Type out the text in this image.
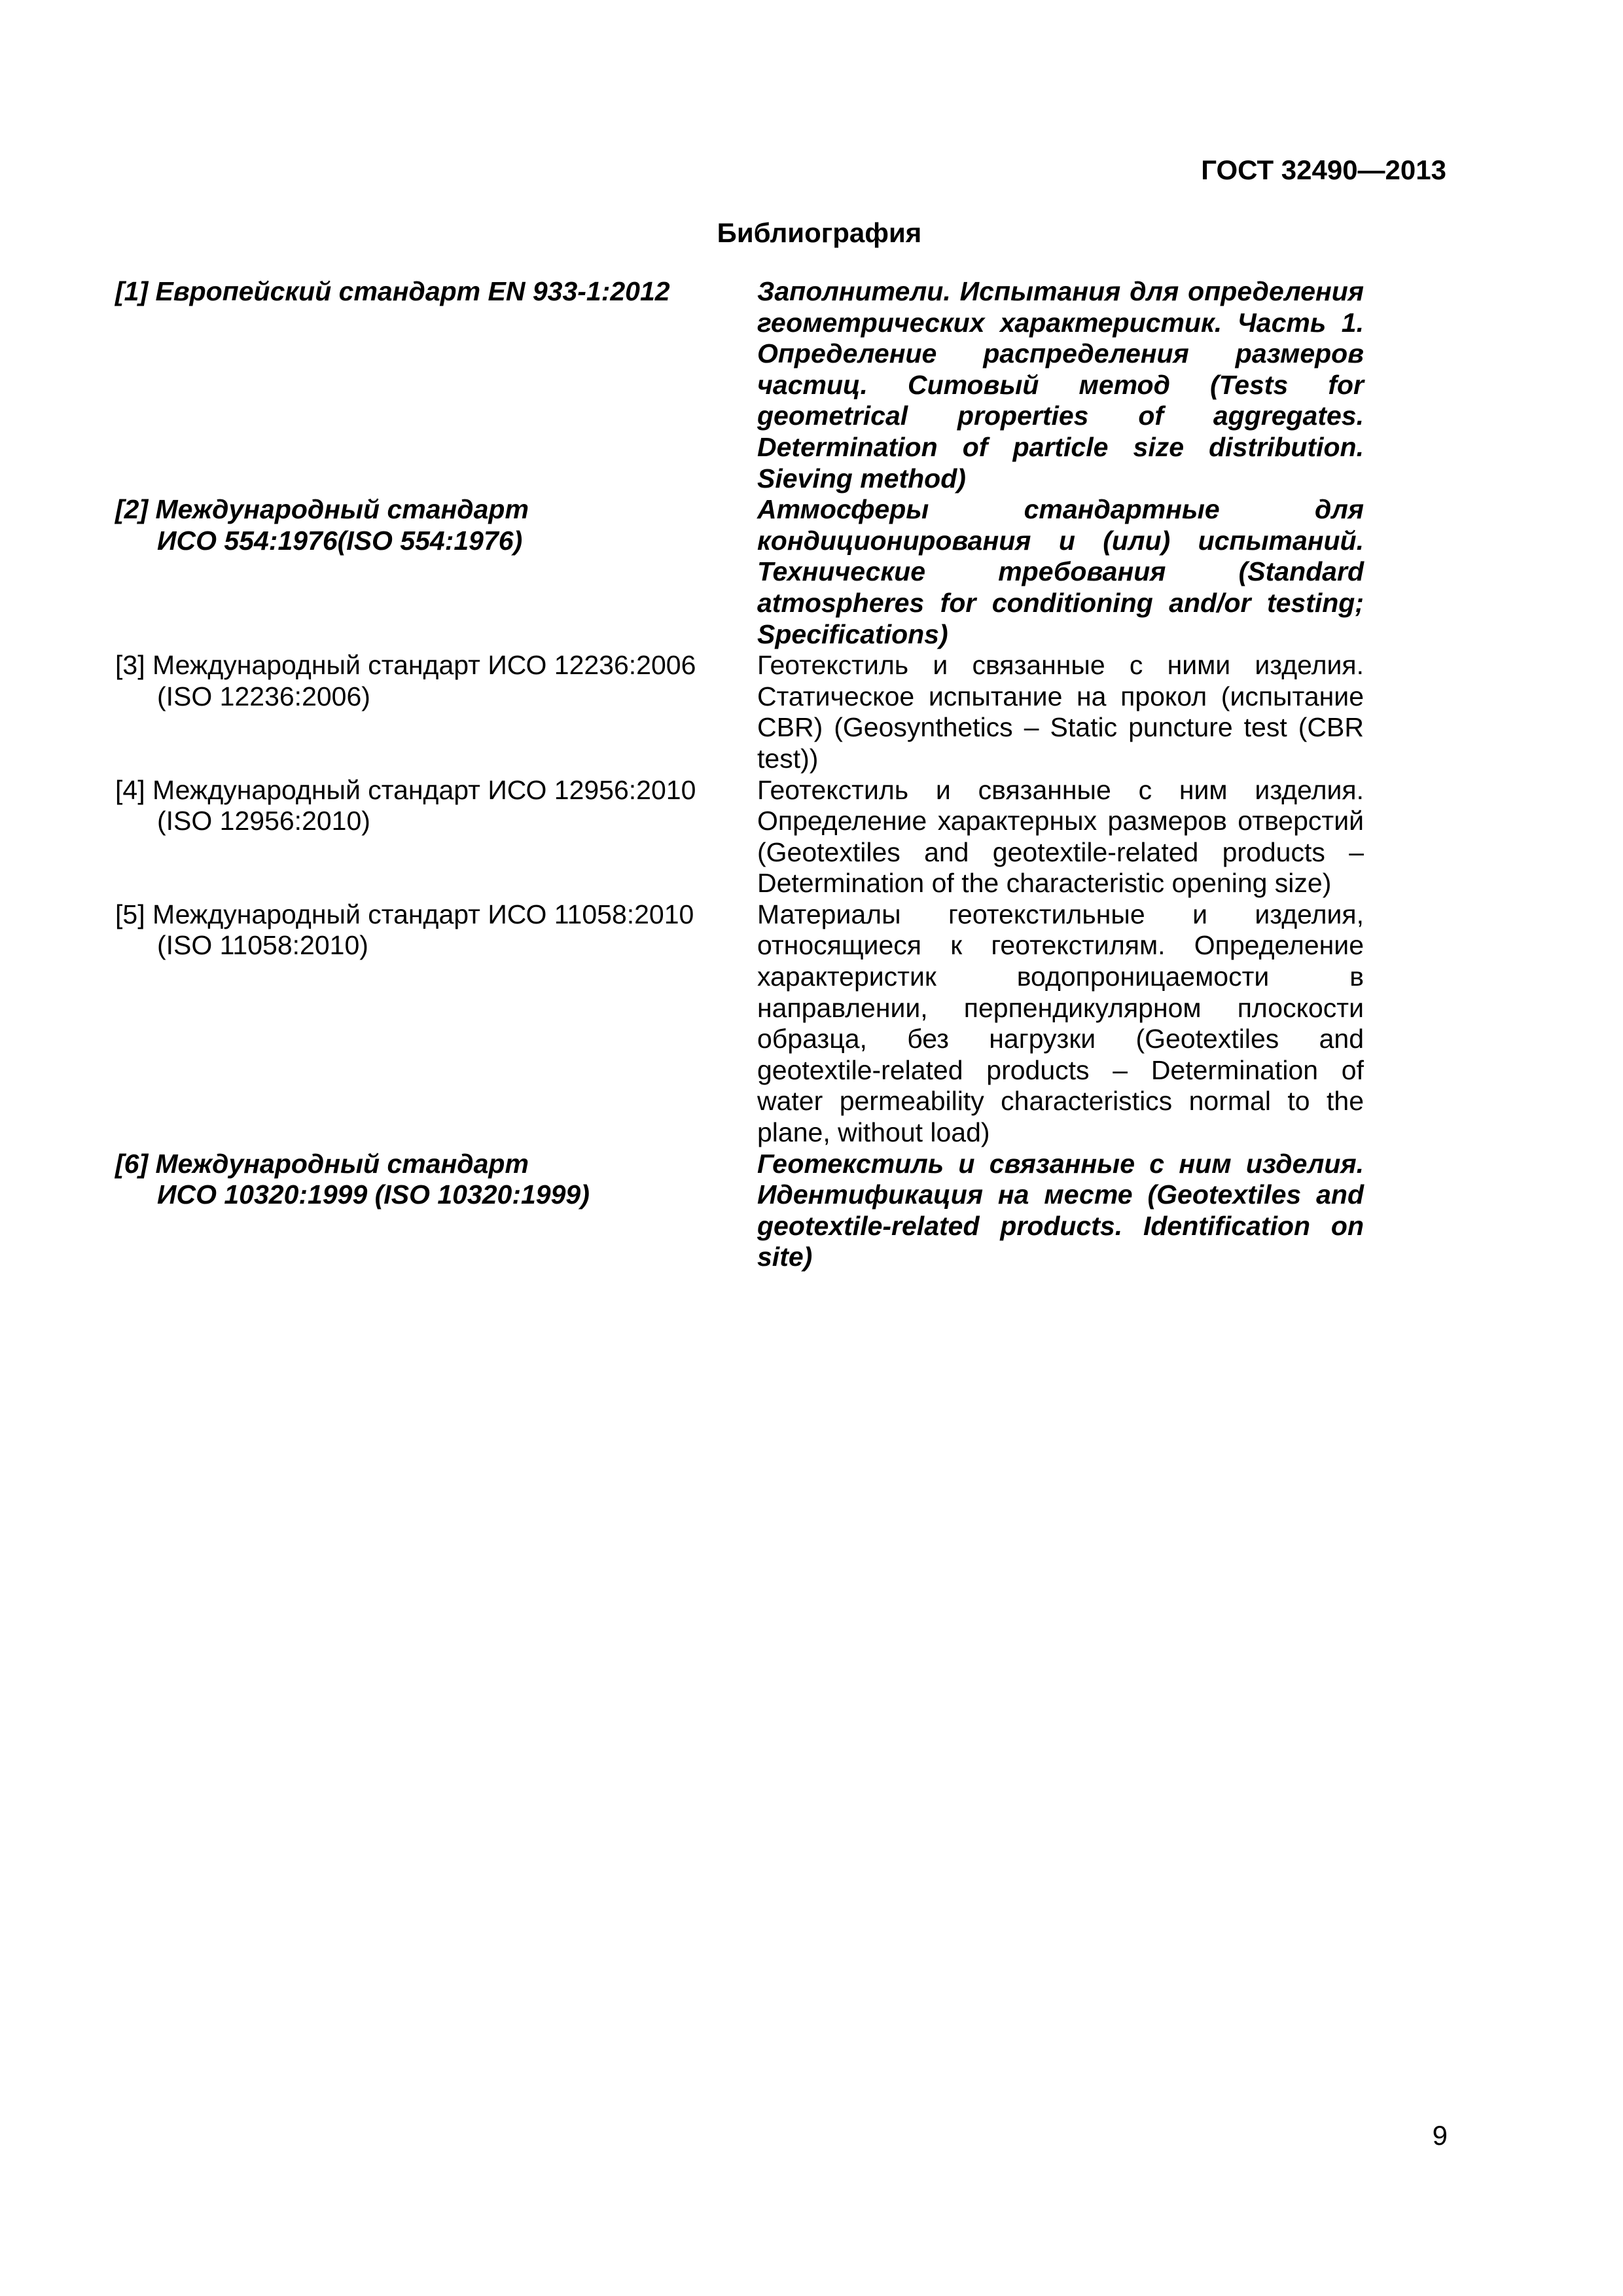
ГОСТ 32490—2013

Библиография
[1] Европейский стандарт EN 933-1:2012	Заполнители. Испытания для определения геометрических характеристик. Часть 1. Определение распределения размеров частиц. Ситовый метод (Tests for geometrical properties of aggregates. Determination of particle size distribution. Sieving method)
[2] Международный стандарт
ИСО 554:1976(ISO 554:1976)
Атмосферы стандартные для кондиционирования и (или) испытаний. Технические требования (Standard atmospheres for conditioning and/or testing; Specifications)
[3] Международный стандарт ИСО 12236:2006
(ISO 12236:2006)
Геотекстиль и связанные с ними изделия. Статическое испытание на прокол (испытание CBR) (Geosynthetics – Static puncture test (CBR test))
[4] Международный стандарт ИСО 12956:2010
(ISO 12956:2010)
Геотекстиль и связанные с ним изделия. Определение характерных размеров отверстий (Geotextiles and geotextile-related products – Determination of the characteristic opening size)
[5] Международный стандарт ИСО 11058:2010
(ISO 11058:2010)
Материалы геотекстильные и изделия, относящиеся к геотекстилям. Определение характеристик водопроницаемости в направлении, перпендикулярном плоскости образца, без нагрузки (Geotextiles and geotextile-related products – Determination of water permeability characteristics normal to the plane, without load)
[6] Международный стандарт
ИСО 10320:1999 (ISO 10320:1999)
Геотекстиль и связанные с ним изделия. Идентификация на месте (Geotextiles and geotextile-related products. Identification on site)

9
